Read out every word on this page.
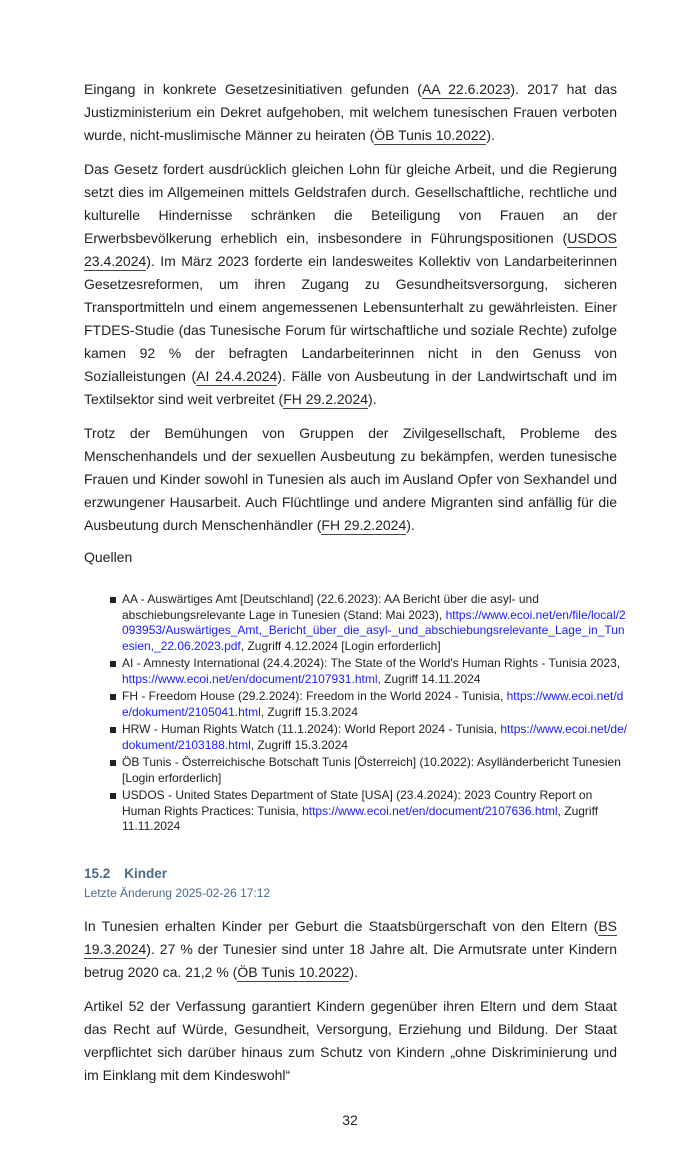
Eingang in konkrete Gesetzesinitiativen gefunden (AA 22.6.2023). 2017 hat das Justizministerium ein Dekret aufgehoben, mit welchem tunesischen Frauen verboten wurde, nicht-muslimische Männer zu heiraten (ÖB Tunis 10.2022).

Das Gesetz fordert ausdrücklich gleichen Lohn für gleiche Arbeit, und die Regierung setzt dies im Allgemeinen mittels Geldstrafen durch. Gesellschaftliche, rechtliche und kulturelle Hindernisse schränken die Beteiligung von Frauen an der Erwerbsbevölkerung erheblich ein, insbesondere in Führungspositionen (USDOS 23.4.2024). Im März 2023 forderte ein landesweites Kollektiv von Landarbeiterinnen Gesetzesreformen, um ihren Zugang zu Gesundheitsversorgung, sicheren Transportmitteln und einem angemessenen Lebensunterhalt zu gewährleisten. Einer FTDES-Studie (das Tunesische Forum für wirtschaftliche und soziale Rechte) zufolge kamen 92 % der befragten Landarbeiterinnen nicht in den Genuss von Sozialleistungen (AI 24.4.2024). Fälle von Ausbeutung in der Landwirtschaft und im Textilsektor sind weit verbreitet (FH 29.2.2024).

Trotz der Bemühungen von Gruppen der Zivilgesellschaft, Probleme des Menschenhandels und der sexuellen Ausbeutung zu bekämpfen, werden tunesische Frauen und Kinder sowohl in Tunesien als auch im Ausland Opfer von Sexhandel und erzwungener Hausarbeit. Auch Flüchtlinge und andere Migranten sind anfällig für die Ausbeutung durch Menschenhändler (FH 29.2.2024).

Quellen

AA - Auswärtiges Amt [Deutschland] (22.6.2023): AA Bericht über die asyl- und abschiebungsrelevante Lage in Tunesien (Stand: Mai 2023), https://www.ecoi.net/en/file/local/2093953/Auswärtiges_Amt,_Bericht_über_die_asyl-_und_abschiebungsrelevante_Lage_in_Tunesien,_22.06.2023.pdf, Zugriff 4.12.2024 [Login erforderlich]
AI - Amnesty International (24.4.2024): The State of the World's Human Rights - Tunisia 2023, https://www.ecoi.net/en/document/2107931.html, Zugriff 14.11.2024
FH - Freedom House (29.2.2024): Freedom in the World 2024 - Tunisia, https://www.ecoi.net/de/dokument/2105041.html, Zugriff 15.3.2024
HRW - Human Rights Watch (11.1.2024): World Report 2024 - Tunisia, https://www.ecoi.net/de/dokument/2103188.html, Zugriff 15.3.2024
ÖB Tunis - Österreichische Botschaft Tunis [Österreich] (10.2022): Asylländerbericht Tunesien [Login erforderlich]
USDOS - United States Department of State [USA] (23.4.2024): 2023 Country Report on Human Rights Practices: Tunisia, https://www.ecoi.net/en/document/2107636.html, Zugriff 11.11.2024
15.2 Kinder
Letzte Änderung 2025-02-26 17:12

In Tunesien erhalten Kinder per Geburt die Staatsbürgerschaft von den Eltern (BS 19.3.2024). 27 % der Tunesier sind unter 18 Jahre alt. Die Armutsrate unter Kindern betrug 2020 ca. 21,2 % (ÖB Tunis 10.2022).

Artikel 52 der Verfassung garantiert Kindern gegenüber ihren Eltern und dem Staat das Recht auf Würde, Gesundheit, Versorgung, Erziehung und Bildung. Der Staat verpflichtet sich darüber hinaus zum Schutz von Kindern „ohne Diskriminierung und im Einklang mit dem Kindeswohl“

32
